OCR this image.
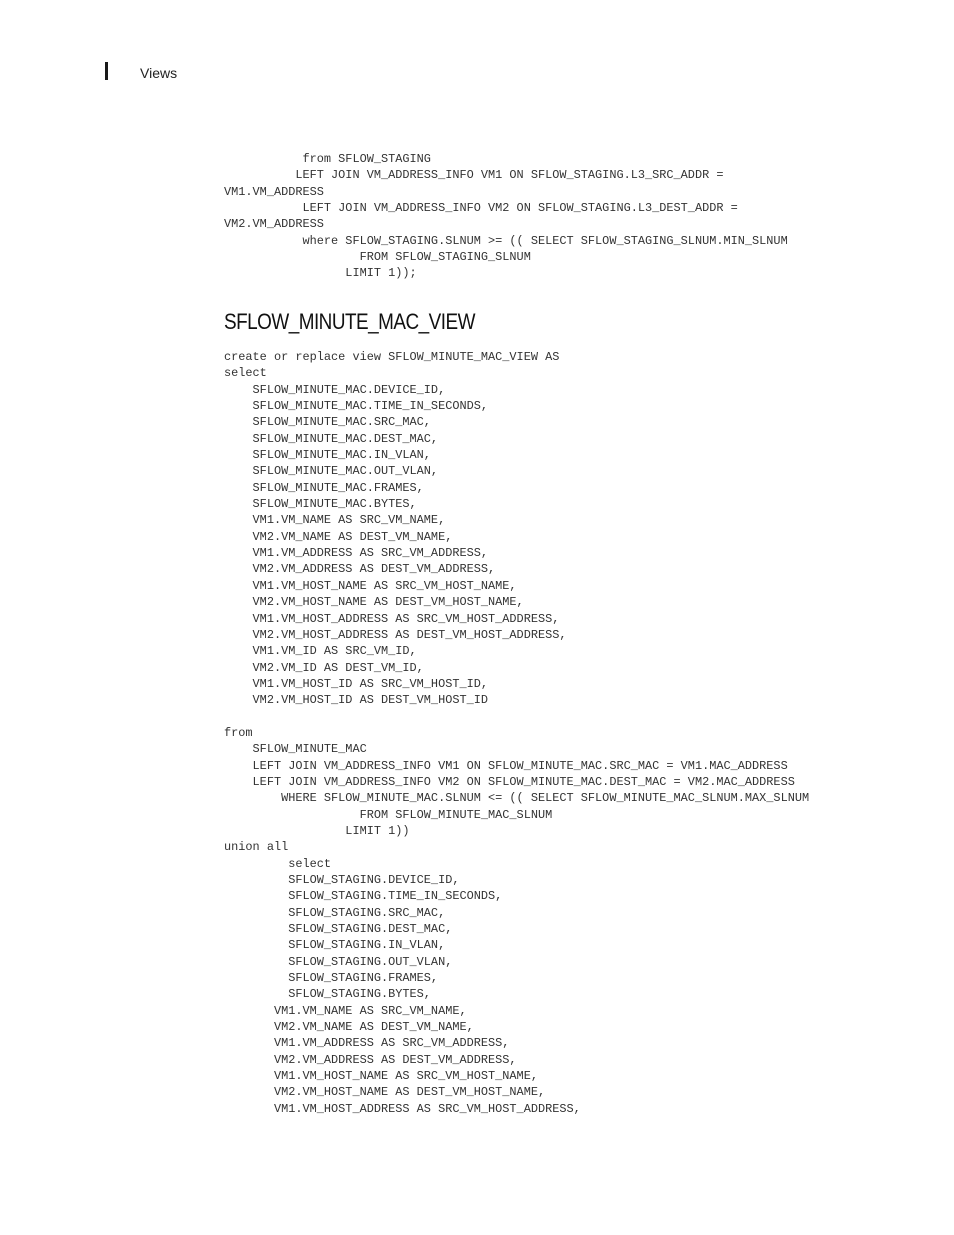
Views
from SFLOW_STAGING
LEFT JOIN VM_ADDRESS_INFO VM1 ON SFLOW_STAGING.L3_SRC_ADDR =
VM1.VM_ADDRESS
LEFT JOIN VM_ADDRESS_INFO VM2 ON SFLOW_STAGING.L3_DEST_ADDR =
VM2.VM_ADDRESS
where SFLOW_STAGING.SLNUM >= (( SELECT SFLOW_STAGING_SLNUM.MIN_SLNUM
FROM SFLOW_STAGING_SLNUM
LIMIT 1));
SFLOW_MINUTE_MAC_VIEW
create or replace view SFLOW_MINUTE_MAC_VIEW AS
select
SFLOW_MINUTE_MAC.DEVICE_ID,
SFLOW_MINUTE_MAC.TIME_IN_SECONDS,
SFLOW_MINUTE_MAC.SRC_MAC,
SFLOW_MINUTE_MAC.DEST_MAC,
SFLOW_MINUTE_MAC.IN_VLAN,
SFLOW_MINUTE_MAC.OUT_VLAN,
SFLOW_MINUTE_MAC.FRAMES,
SFLOW_MINUTE_MAC.BYTES,
VM1.VM_NAME AS SRC_VM_NAME,
VM2.VM_NAME AS DEST_VM_NAME,
VM1.VM_ADDRESS AS SRC_VM_ADDRESS,
VM2.VM_ADDRESS AS DEST_VM_ADDRESS,
VM1.VM_HOST_NAME AS SRC_VM_HOST_NAME,
VM2.VM_HOST_NAME AS DEST_VM_HOST_NAME,
VM1.VM_HOST_ADDRESS AS SRC_VM_HOST_ADDRESS,
VM2.VM_HOST_ADDRESS AS DEST_VM_HOST_ADDRESS,
VM1.VM_ID AS SRC_VM_ID,
VM2.VM_ID AS DEST_VM_ID,
VM1.VM_HOST_ID AS SRC_VM_HOST_ID,
VM2.VM_HOST_ID AS DEST_VM_HOST_ID
from
SFLOW_MINUTE_MAC
LEFT JOIN VM_ADDRESS_INFO VM1 ON SFLOW_MINUTE_MAC.SRC_MAC = VM1.MAC_ADDRESS
LEFT JOIN VM_ADDRESS_INFO VM2 ON SFLOW_MINUTE_MAC.DEST_MAC = VM2.MAC_ADDRESS
WHERE SFLOW_MINUTE_MAC.SLNUM <= (( SELECT SFLOW_MINUTE_MAC_SLNUM.MAX_SLNUM
FROM SFLOW_MINUTE_MAC_SLNUM
LIMIT 1))
union all
select
SFLOW_STAGING.DEVICE_ID,
SFLOW_STAGING.TIME_IN_SECONDS,
SFLOW_STAGING.SRC_MAC,
SFLOW_STAGING.DEST_MAC,
SFLOW_STAGING.IN_VLAN,
SFLOW_STAGING.OUT_VLAN,
SFLOW_STAGING.FRAMES,
SFLOW_STAGING.BYTES,
VM1.VM_NAME AS SRC_VM_NAME,
VM2.VM_NAME AS DEST_VM_NAME,
VM1.VM_ADDRESS AS SRC_VM_ADDRESS,
VM2.VM_ADDRESS AS DEST_VM_ADDRESS,
VM1.VM_HOST_NAME AS SRC_VM_HOST_NAME,
VM2.VM_HOST_NAME AS DEST_VM_HOST_NAME,
VM1.VM_HOST_ADDRESS AS SRC_VM_HOST_ADDRESS,
